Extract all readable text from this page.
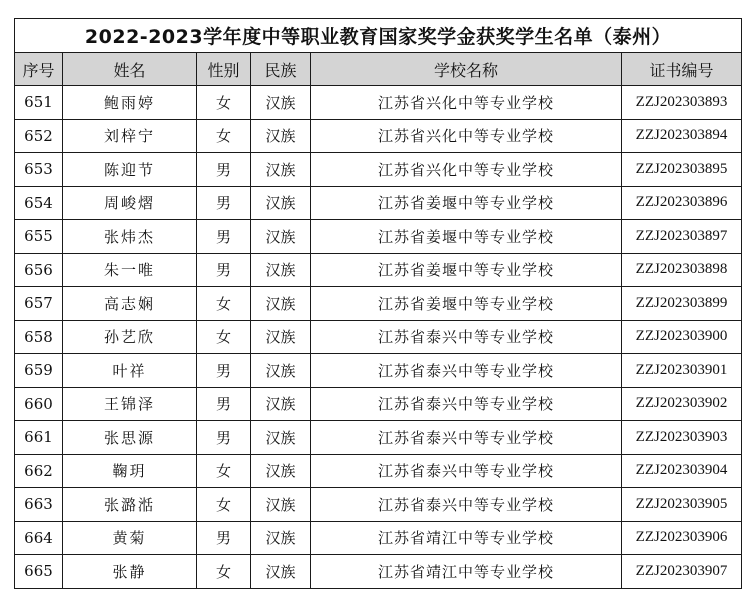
2022-2023学年度中等职业教育国家奖学金获奖学生名单（泰州）					
序号	姓名	性别	民族	学校名称	证书编号
651	鲍雨婷	女	汉族	江苏省兴化中等专业学校	ZZJ202303893
652	刘梓宁	女	汉族	江苏省兴化中等专业学校	ZZJ202303894
653	陈迎节	男	汉族	江苏省兴化中等专业学校	ZZJ202303895
654	周峻熠	男	汉族	江苏省姜堰中等专业学校	ZZJ202303896
655	张炜杰	男	汉族	江苏省姜堰中等专业学校	ZZJ202303897
656	朱一唯	男	汉族	江苏省姜堰中等专业学校	ZZJ202303898
657	高志娴	女	汉族	江苏省姜堰中等专业学校	ZZJ202303899
658	孙艺欣	女	汉族	江苏省泰兴中等专业学校	ZZJ202303900
659	叶祥	男	汉族	江苏省泰兴中等专业学校	ZZJ202303901
660	王锦泽	男	汉族	江苏省泰兴中等专业学校	ZZJ202303902
661	张思源	男	汉族	江苏省泰兴中等专业学校	ZZJ202303903
662	鞠玥	女	汉族	江苏省泰兴中等专业学校	ZZJ202303904
663	张潞湉	女	汉族	江苏省泰兴中等专业学校	ZZJ202303905
664	黄菊	男	汉族	江苏省靖江中等专业学校	ZZJ202303906
665	张静	女	汉族	江苏省靖江中等专业学校	ZZJ202303907
